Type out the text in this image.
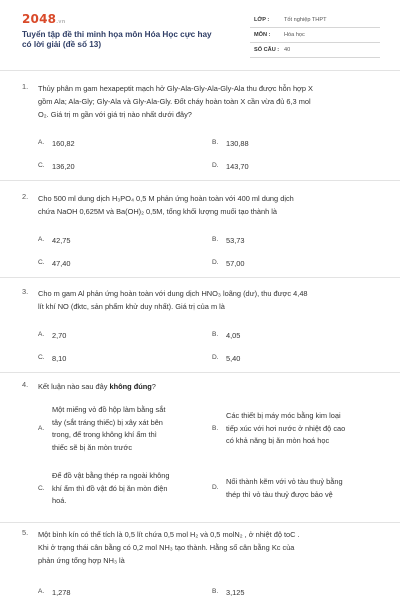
2048.vn
Tuyển tập đề thi minh họa môn Hóa Học cực hay có lời giải (đề số 13)
LỚP :	Tốt nghiệp THPT
MÔN : Hóa học
SỐ CÂU : 40
1. Thủy phân m gam hexapeptit mạch hở Gly-Ala-Gly-Ala-Gly-Ala thu được hỗn hợp X
gồm Ala; Ala-Gly; Gly-Ala và Gly-Ala-Gly. Đốt cháy hoàn toàn X cần vừa đủ 6,3 mol
O₂. Giá trị m gần với giá trị nào nhất dưới đây?
A. 160,82	B. 130,88
C. 136,20	D. 143,70
2. Cho 500 ml dung dịch H₃PO₄ 0,5 M phản ứng hoàn toàn với 400 ml dung dịch
chứa NaOH 0,625M và Ba(OH)₂ 0,5M, tổng khối lượng muối tạo thành là
A. 42,75	B. 53,73
C. 47,40	D. 57,00
3. Cho m gam Al phản ứng hoàn toàn với dung dịch HNO₃ loãng (dư), thu được 4,48
lít khí NO (đktc, sản phẩm khử duy nhất). Giá trị của m là
A. 2,70	B. 4,05
C. 8,10	D. 5,40
4. Kết luận nào sau đây không đúng?
A.
Một miếng vỏ đồ hộp làm bằng sắt
tây (sắt tráng thiếc) bị xây xát bên
trong, để trong không khí ẩm thì
thiếc sẽ bị ăn mòn trước
B.
Các thiết bị máy móc bằng kim loại
tiếp xúc với hơi nước ở nhiệt độ cao
có khả năng bị ăn mòn hoá học
C.
Để đồ vật bằng thép ra ngoài không
khí ẩm thì đồ vật đó bị ăn mòn điện
hoá.
D.
Nối thành kẽm với vỏ tàu thuỷ bằng
thép thì vỏ tàu thuỷ được bảo vệ
5. Một bình kín có thể tích là 0,5 lít chứa 0,5 mol H₂ và 0,5 molN₂ , ở nhiệt độ toC .
Khi ở trạng thái cân bằng có 0,2 mol NH₃ tạo thành. Hằng số cân bằng Kc của
phản ứng tổng hợp NH₃ là
A. 1,278	B. 3,125
